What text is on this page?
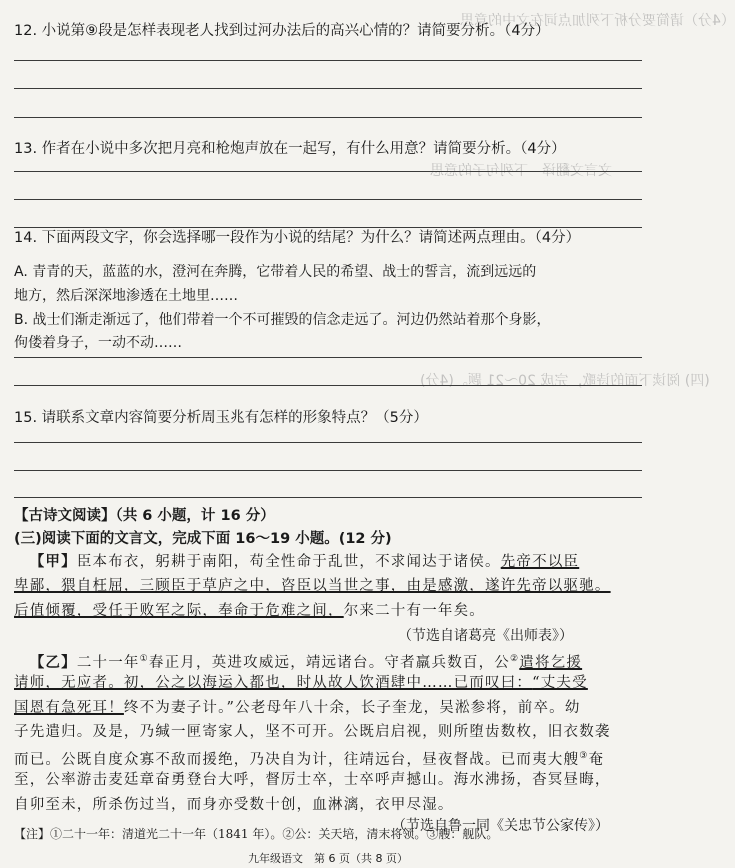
（4分）请简要分析下列加点词在文中的意思
文言文翻译　下列句子的意思
(四) 阅读下面的诗歌，完成 20～21 题。(4分)
12. 小说第⑨段是怎样表现老人找到过河办法后的高兴心情的？请简要分析。（4分）
13. 作者在小说中多次把月亮和枪炮声放在一起写，有什么用意？请简要分析。（4分）
14. 下面两段文字，你会选择哪一段作为小说的结尾？为什么？请简述两点理由。（4分）
A. 青青的天，蓝蓝的水，澄河在奔腾，它带着人民的希望、战士的誓言，流到远远的
地方，然后深深地渗透在土地里……
B. 战士们渐走渐远了，他们带着一个不可摧毁的信念走远了。河边仍然站着那个身影，
佝偻着身子，一动不动……
15. 请联系文章内容简要分析周玉兆有怎样的形象特点？（5分）
【古诗文阅读】（共 6 小题，计 16 分）
(三)阅读下面的文言文，完成下面 16～19 小题。(12 分)
 【甲】臣本布衣，躬耕于南阳，苟全性命于乱世，不求闻达于诸侯。先帝不以臣
卑鄙，猥自枉屈，三顾臣于草庐之中，咨臣以当世之事，由是感激，遂许先帝以驱驰。
后值倾覆，受任于败军之际，奉命于危难之间，尔来二十有一年矣。
（节选自诸葛亮《出师表》）
 【乙】二十一年①春正月，英进攻威远，靖远诸台。守者羸兵数百，公②遣将乞援
请师，无应者。初，公之以海运入都也，时从故人饮酒肆中……已而叹曰：“丈夫受
国恩有急死耳！终不为妻子计。”公老母年八十余，长子奎龙，吴淞参将，前卒。幼
子先遣归。及是，乃缄一匣寄家人，坚不可开。公既启启视，则所堕齿数枚，旧衣数袭
而已。公既自度众寡不敌而援绝，乃决自为计，往靖远台，昼夜督战。已而夷大艘③奄
至，公率游击麦廷章奋勇登台大呼，督厉士卒，士卒呼声撼山。海水沸扬，杳冥昼晦，
自卯至未，所杀伤过当，而身亦受数十创，血淋漓，衣甲尽湿。
（节选自鲁一同《关忠节公家传》）
【注】①二十一年：清道光二十一年（1841 年）。②公：关天培，清末将领。③艘：舰队。
九年级语文　第 6 页（共 8 页）
